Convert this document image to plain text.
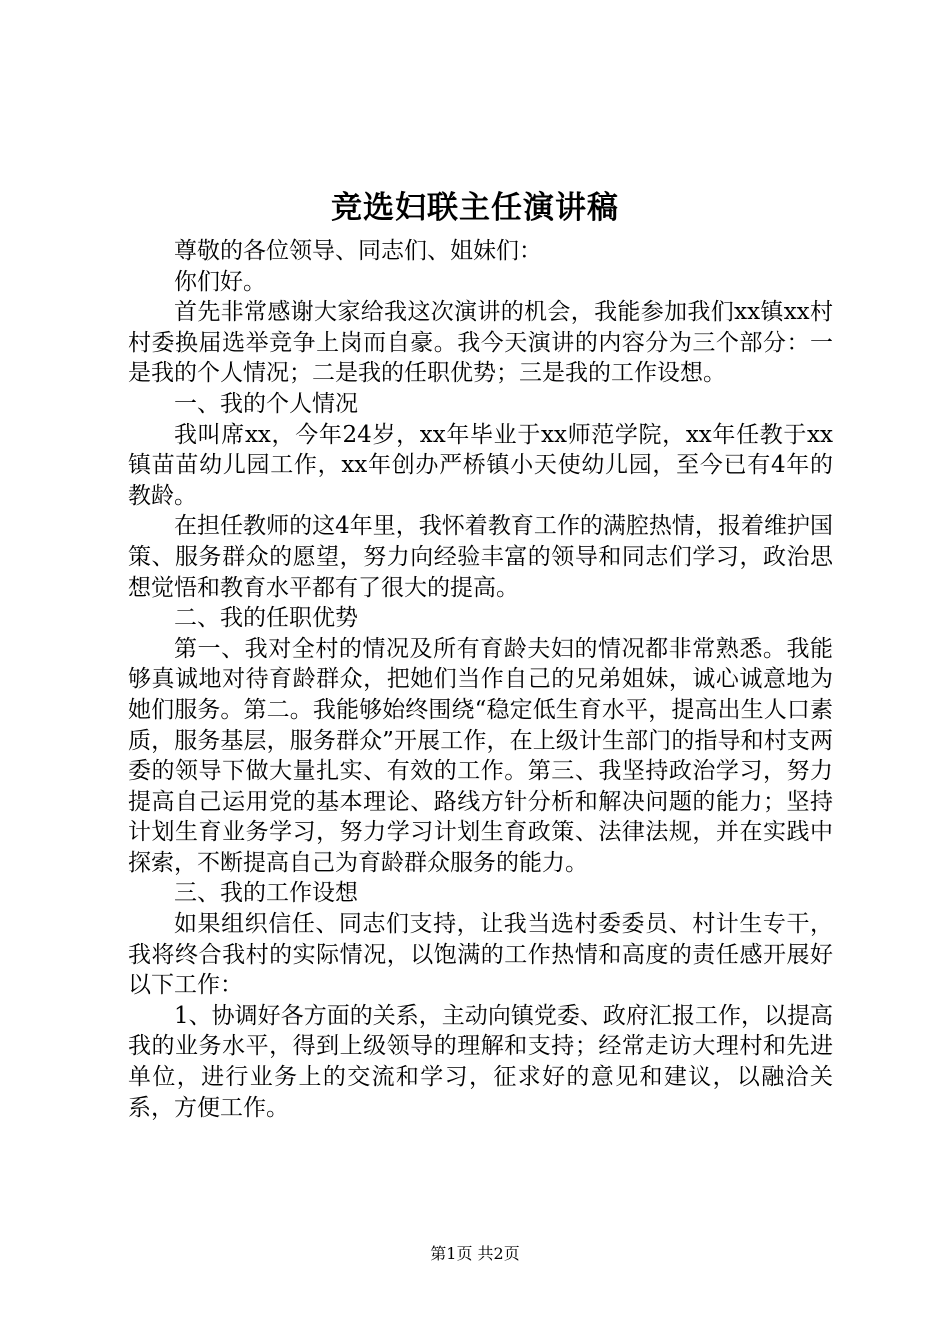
竞选妇联主任演讲稿

尊敬的各位领导、同志们、姐妹们：

你们好。

首先非常感谢大家给我这次演讲的机会，我能参加我们xx镇xx村村委换届选举竞争上岗而自豪。我今天演讲的内容分为三个部分：一是我的个人情况；二是我的任职优势；三是我的工作设想。

一、我的个人情况

我叫席xx，今年24岁，xx年毕业于xx师范学院，xx年任教于xx镇苗苗幼儿园工作，xx年创办严桥镇小天使幼儿园，至今已有4年的教龄。

在担任教师的这4年里，我怀着教育工作的满腔热情，报着维护国策、服务群众的愿望，努力向经验丰富的领导和同志们学习，政治思想觉悟和教育水平都有了很大的提高。

二、我的任职优势

第一、我对全村的情况及所有育龄夫妇的情况都非常熟悉。我能够真诚地对待育龄群众，把她们当作自己的兄弟姐妹，诚心诚意地为她们服务。第二。我能够始终围绕“稳定低生育水平，提高出生人口素质，服务基层，服务群众”开展工作，在上级计生部门的指导和村支两委的领导下做大量扎实、有效的工作。第三、我坚持政治学习，努力提高自己运用党的基本理论、路线方针分析和解决问题的能力；坚持计划生育业务学习，努力学习计划生育政策、法律法规，并在实践中探索，不断提高自己为育龄群众服务的能力。

三、我的工作设想

如果组织信任、同志们支持，让我当选村委委员、村计生专干，我将终合我村的实际情况，以饱满的工作热情和高度的责任感开展好以下工作：

1、协调好各方面的关系，主动向镇党委、政府汇报工作，以提高我的业务水平，得到上级领导的理解和支持；经常走访大理村和先进单位，进行业务上的交流和学习，征求好的意见和建议，以融洽关系，方便工作。

第1页 共2页
